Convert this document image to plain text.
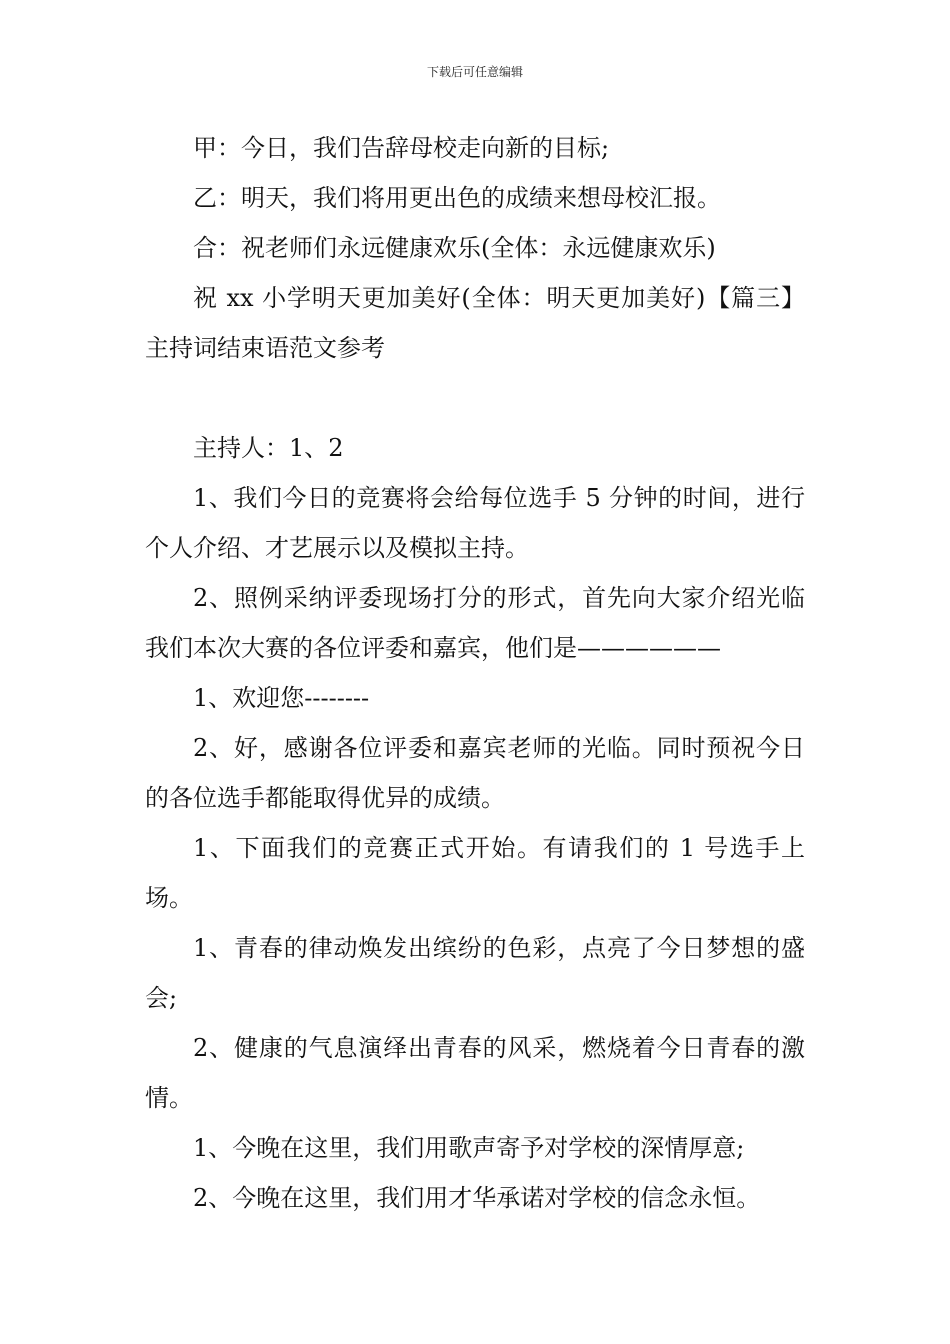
下载后可任意编辑

甲：今日，我们告辞母校走向新的目标;

乙：明天，我们将用更出色的成绩来想母校汇报。

合：祝老师们永远健康欢乐(全体：永远健康欢乐)

祝 xx 小学明天更加美好(全体：明天更加美好)【篇三】主持词结束语范文参考

主持人：1、2

1、我们今日的竞赛将会给每位选手 5 分钟的时间，进行个人介绍、才艺展示以及模拟主持。

2、照例采纳评委现场打分的形式，首先向大家介绍光临我们本次大赛的各位评委和嘉宾，他们是——————

1、欢迎您--------

2、好，感谢各位评委和嘉宾老师的光临。同时预祝今日的各位选手都能取得优异的成绩。

1、下面我们的竞赛正式开始。有请我们的 1 号选手上场。

1、青春的律动焕发出缤纷的色彩，点亮了今日梦想的盛会;

2、健康的气息演绎出青春的风采，燃烧着今日青春的激情。

1、今晚在这里，我们用歌声寄予对学校的深情厚意;

2、今晚在这里，我们用才华承诺对学校的信念永恒。
